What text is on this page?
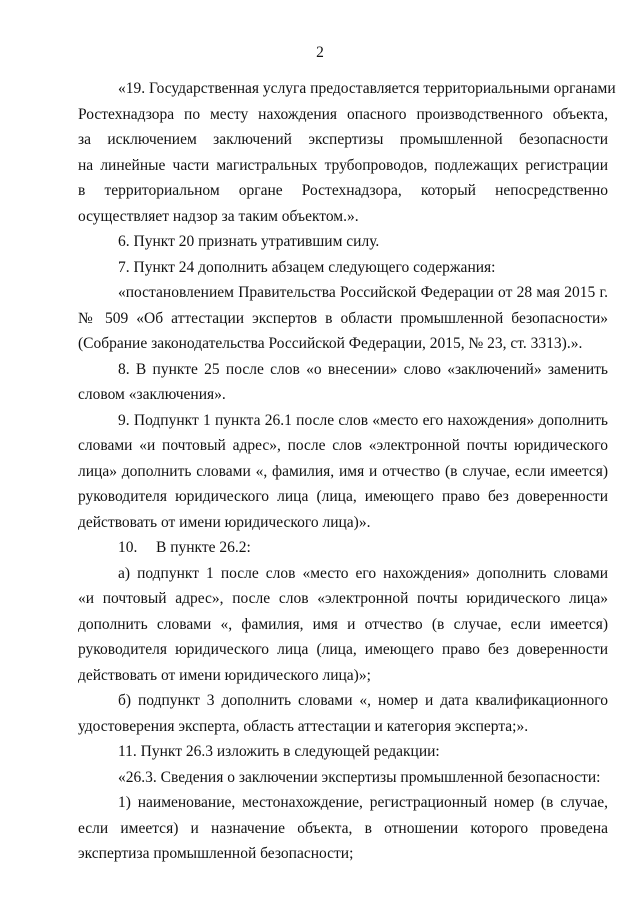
2
«19. Государственная услуга предоставляется территориальными органами
Ростехнадзора по месту нахождения опасного производственного объекта,
за исключением заключений экспертизы промышленной безопасности
на линейные части магистральных трубопроводов, подлежащих регистрации
в территориальном органе Ростехнадзора, который непосредственно
осуществляет надзор за таким объектом.».
6. Пункт 20 признать утратившим силу.
7. Пункт 24 дополнить абзацем следующего содержания:
«постановлением Правительства Российской Федерации от 28 мая 2015 г.
№ 509 «Об аттестации экспертов в области промышленной безопасности»
(Собрание законодательства Российской Федерации, 2015, № 23, ст. 3313).».
8. В пункте 25 после слов «о внесении» слово «заключений» заменить
словом «заключения».
9. Подпункт 1 пункта 26.1 после слов «место его нахождения» дополнить
словами «и почтовый адрес», после слов «электронной почты юридического
лица» дополнить словами «, фамилия, имя и отчество (в случае, если имеется)
руководителя юридического лица (лица, имеющего право без доверенности
действовать от имени юридического лица)».
10. В пункте 26.2:
а) подпункт 1 после слов «место его нахождения» дополнить словами
«и почтовый адрес», после слов «электронной почты юридического лица»
дополнить словами «, фамилия, имя и отчество (в случае, если имеется)
руководителя юридического лица (лица, имеющего право без доверенности
действовать от имени юридического лица)»;
б) подпункт 3 дополнить словами «, номер и дата квалификационного
удостоверения эксперта, область аттестации и категория эксперта;».
11. Пункт 26.3 изложить в следующей редакции:
«26.3. Сведения о заключении экспертизы промышленной безопасности:
1) наименование, местонахождение, регистрационный номер (в случае,
если имеется) и назначение объекта, в отношении которого проведена
экспертиза промышленной безопасности;
